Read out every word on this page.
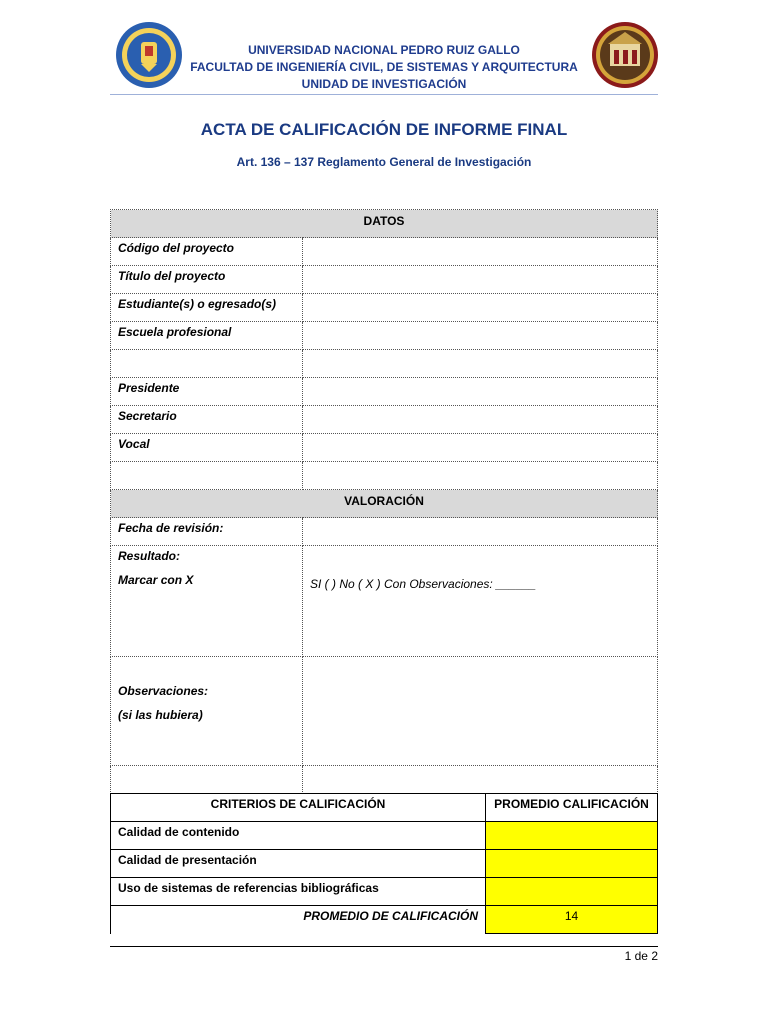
UNIVERSIDAD NACIONAL PEDRO RUIZ GALLO
FACULTAD DE INGENIERÍA CIVIL, DE SISTEMAS Y ARQUITECTURA
UNIDAD DE INVESTIGACIÓN
ACTA DE CALIFICACIÓN DE INFORME FINAL
Art. 136 – 137 Reglamento General de Investigación
DATOS	
Código del proyecto	
Título del proyecto	
Estudiante(s) o egresado(s)	
Escuela profesional	

Presidente	
Secretario	
Vocal	

VALORACIÓN	
Fecha de revisión:	

Resultado:
Marcar con X	SI ( ) No ( X ) Con Observaciones: ______

Observaciones:
(si las hubiera)	

CRITERIOS DE CALIFICACIÓN	PROMEDIO CALIFICACIÓN
Calidad de contenido	
Calidad de presentación	
Uso de sistemas de referencias bibliográficas	
PROMEDIO DE CALIFICACIÓN	14
1 de 2
